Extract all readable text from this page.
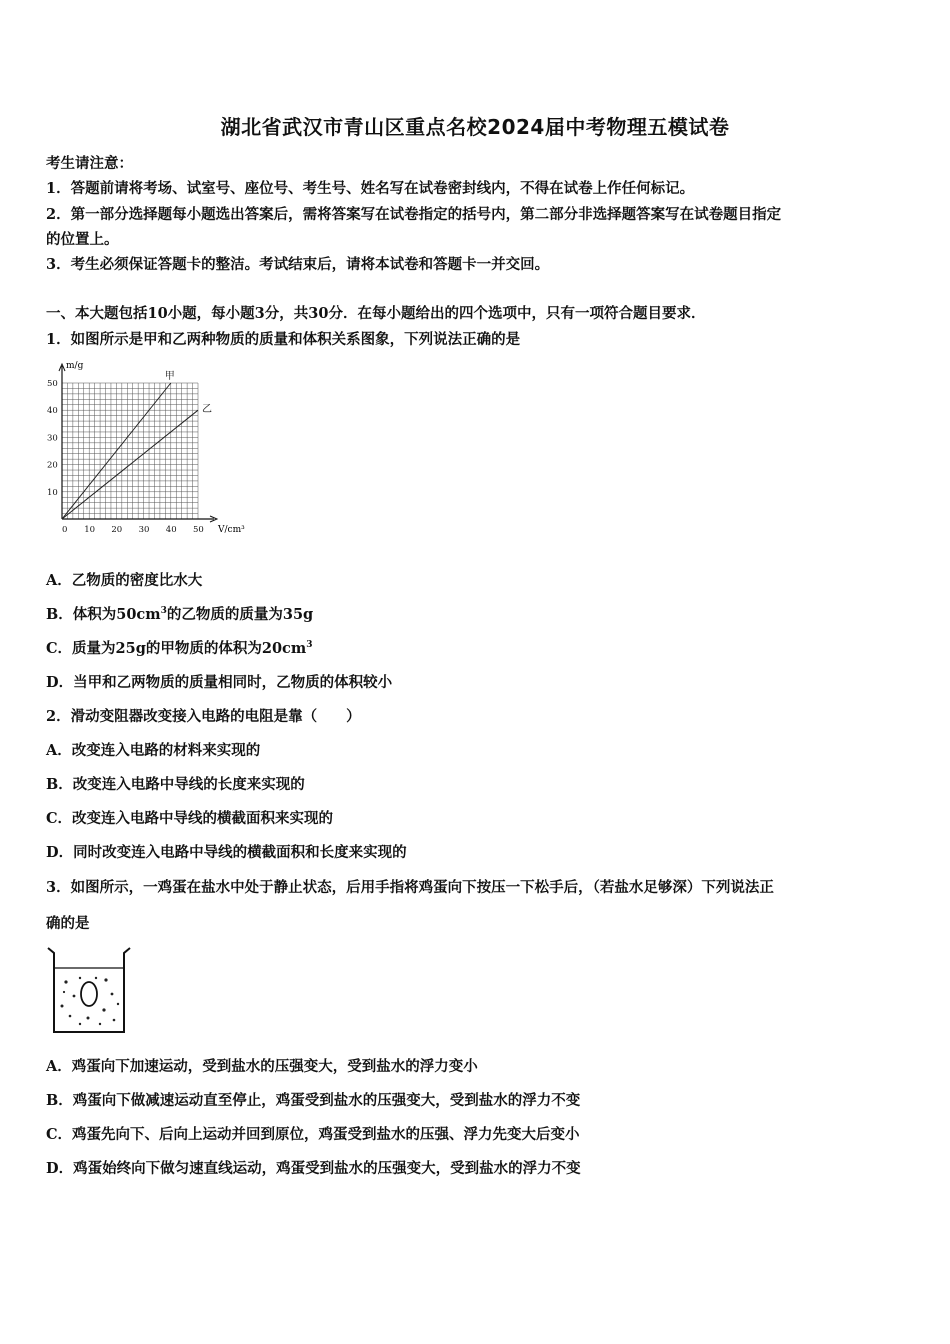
湖北省武汉市青山区重点名校2024届中考物理五模试卷
考生请注意：
1．答题前请将考场、试室号、座位号、考生号、姓名写在试卷密封线内，不得在试卷上作任何标记。
2．第一部分选择题每小题选出答案后，需将答案写在试卷指定的括号内，第二部分非选择题答案写在试卷题目指定
的位置上。
3．考生必须保证答题卡的整洁。考试结束后，请将本试卷和答题卡一并交回。
一、本大题包括10小题，每小题3分，共30分．在每小题给出的四个选项中，只有一项符合题目要求．
1．如图所示是甲和乙两种物质的质量和体积关系图象，下列说法正确的是
甲
乙
0 10 20 30 40 50
10
20
30
40
50
m/g
V/cm³
A．乙物质的密度比水大
B．体积为$50cm^3$的乙物质的质量为35g
C．质量为25g的甲物质的体积为$20cm^3$
D．当甲和乙两物质的质量相同时，乙物质的体积较小
2．滑动变阻器改变接入电路的电阻是靠（　　）
A．改变连入电路的材料来实现的
B．改变连入电路中导线的长度来实现的
C．改变连入电路中导线的横截面积来实现的
D．同时改变连入电路中导线的横截面积和长度来实现的
3．如图所示，一鸡蛋在盐水中处于静止状态，后用手指将鸡蛋向下按压一下松手后，（若盐水足够深）下列说法正
确的是
A．鸡蛋向下加速运动，受到盐水的压强变大，受到盐水的浮力变小
B．鸡蛋向下做减速运动直至停止，鸡蛋受到盐水的压强变大，受到盐水的浮力不变
C．鸡蛋先向下、后向上运动并回到原位，鸡蛋受到盐水的压强、浮力先变大后变小
D．鸡蛋始终向下做匀速直线运动，鸡蛋受到盐水的压强变大，受到盐水的浮力不变
